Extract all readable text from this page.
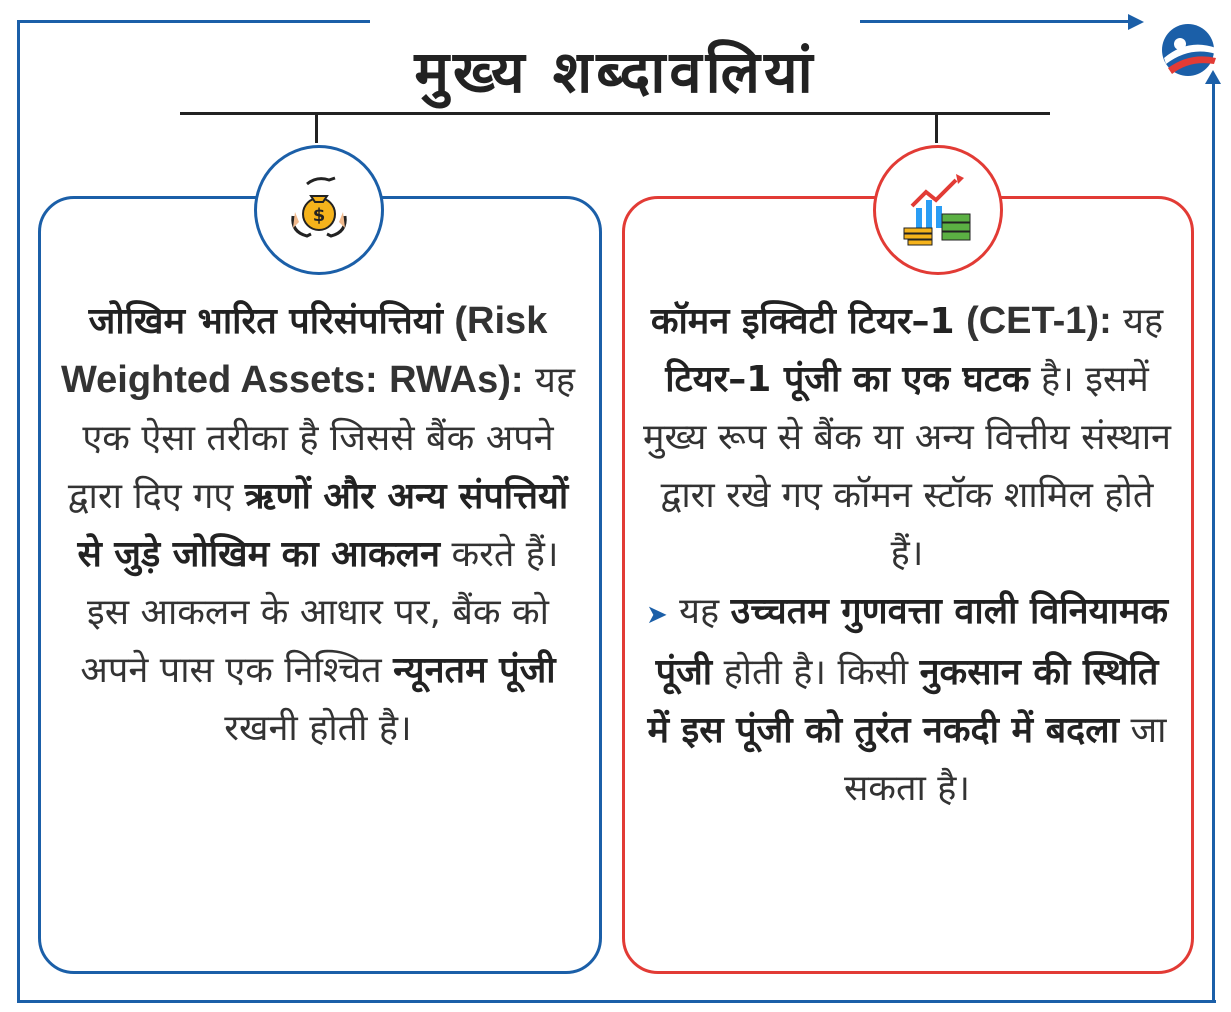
मुख्य शब्दावलियां
$
जोखिम भारित परिसंपत्तियां (Risk Weighted Assets: RWAs): यह एक ऐसा तरीका है जिससे बैंक अपने द्वारा दिए गए ऋणों और अन्य संपत्तियों से जुड़े जोखिम का आकलन करते हैं। इस आकलन के आधार पर, बैंक को अपने पास एक निश्चित न्यूनतम पूंजी रखनी होती है।
कॉमन इक्विटी टियर–1 (CET-1): यह टियर–1 पूंजी का एक घटक है। इसमें मुख्य रूप से बैंक या अन्य वित्तीय संस्थान द्वारा रखे गए कॉमन स्टॉक शामिल होते हैं।
➤ यह उच्चतम गुणवत्ता वाली विनियामक पूंजी होती है। किसी नुकसान की स्थिति में इस पूंजी को तुरंत नकदी में बदला जा सकता है।
